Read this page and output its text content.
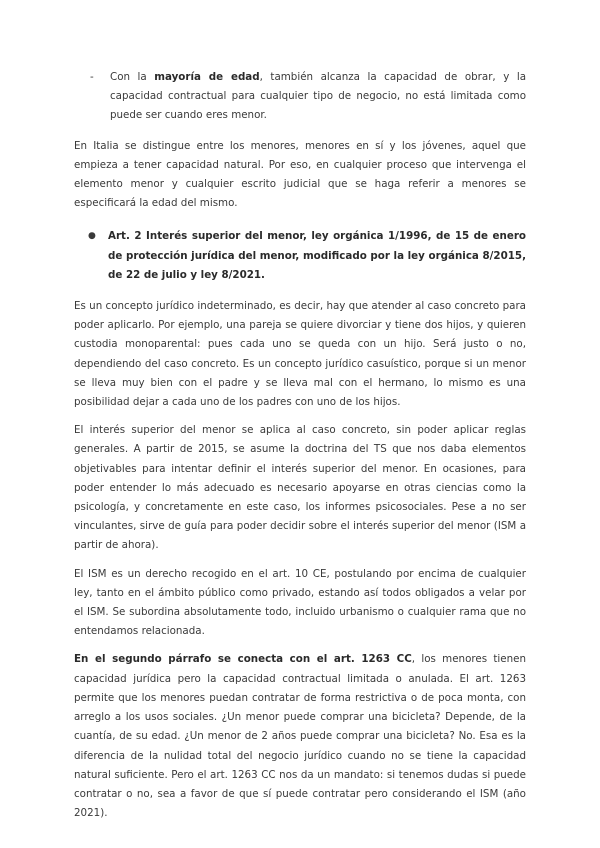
- Con la mayoría de edad, también alcanza la capacidad de obrar, y la capacidad contractual para cualquier tipo de negocio, no está limitada como puede ser cuando eres menor.

En Italia se distingue entre los menores, menores en sí y los jóvenes, aquel que empieza a tener capacidad natural. Por eso, en cualquier proceso que intervenga el elemento menor y cualquier escrito judicial que se haga referir a menores se especificará la edad del mismo.

● Art. 2 Interés superior del menor, ley orgánica 1/1996, de 15 de enero de protección jurídica del menor, modificado por la ley orgánica 8/2015, de 22 de julio y ley 8/2021.

Es un concepto jurídico indeterminado, es decir, hay que atender al caso concreto para poder aplicarlo. Por ejemplo, una pareja se quiere divorciar y tiene dos hijos, y quieren custodia monoparental: pues cada uno se queda con un hijo. Será justo o no, dependiendo del caso concreto. Es un concepto jurídico casuístico, porque si un menor se lleva muy bien con el padre y se lleva mal con el hermano, lo mismo es una posibilidad dejar a cada uno de los padres con uno de los hijos.

El interés superior del menor se aplica al caso concreto, sin poder aplicar reglas generales. A partir de 2015, se asume la doctrina del TS que nos daba elementos objetivables para intentar definir el interés superior del menor. En ocasiones, para poder entender lo más adecuado es necesario apoyarse en otras ciencias como la psicología, y concretamente en este caso, los informes psicosociales. Pese a no ser vinculantes, sirve de guía para poder decidir sobre el interés superior del menor (ISM a partir de ahora).

El ISM es un derecho recogido en el art. 10 CE, postulando por encima de cualquier ley, tanto en el ámbito público como privado, estando así todos obligados a velar por el ISM. Se subordina absolutamente todo, incluido urbanismo o cualquier rama que no entendamos relacionada.

En el segundo párrafo se conecta con el art. 1263 CC, los menores tienen capacidad jurídica pero la capacidad contractual limitada o anulada. El art. 1263 permite que los menores puedan contratar de forma restrictiva o de poca monta, con arreglo a los usos sociales. ¿Un menor puede comprar una bicicleta? Depende, de la cuantía, de su edad. ¿Un menor de 2 años puede comprar una bicicleta? No. Esa es la diferencia de la nulidad total del negocio jurídico cuando no se tiene la capacidad natural suficiente. Pero el art. 1263 CC nos da un mandato: si tenemos dudas si puede contratar o no, sea a favor de que sí puede contratar pero considerando el ISM (año 2021).
